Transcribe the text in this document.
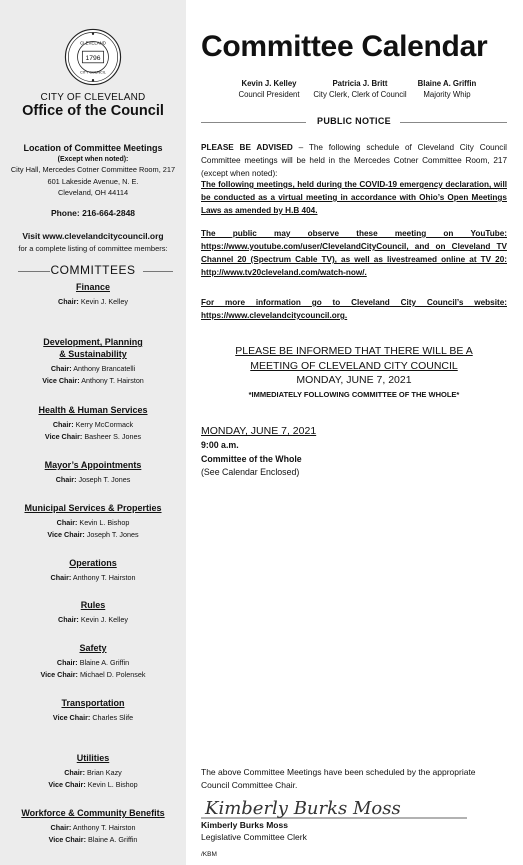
1796
CLEVELAND
CITY COUNCIL
CITY OF CLEVELAND
Office of the Council
Location of Committee Meetings
(Except when noted):
City Hall, Mercedes Cotner Committee Room, 217
601 Lakeside Avenue, N. E.
Cleveland, OH 44114
Phone: 216-664-2848
Visit www.clevelandcitycouncil.org
for a complete listing of committee members:
COMMITTEES
Finance
Chair: Kevin J. Kelley
Development, Planning
& Sustainability
Chair: Anthony Brancatelli
Vice Chair: Anthony T. Hairston
Health & Human Services
Chair: Kerry McCormack
Vice Chair: Basheer S. Jones
Mayor’s Appointments
Chair: Joseph T. Jones
Municipal Services & Properties
Chair: Kevin L. Bishop
Vice Chair: Joseph T. Jones
Operations
Chair: Anthony T. Hairston
Rules
Chair: Kevin J. Kelley
Safety
Chair: Blaine A. Griffin
Vice Chair: Michael D. Polensek
Transportation
Vice Chair: Charles Slife
Utilities
Chair: Brian Kazy
Vice Chair: Kevin L. Bishop
Workforce & Community Benefits
Chair: Anthony T. Hairston
Vice Chair: Blaine A. Griffin
Committee Calendar
Kevin J. Kelley
Council President
Patricia J. Britt
City Clerk, Clerk of Council
Blaine A. Griffin
Majority Whip
PUBLIC NOTICE
PLEASE BE ADVISED – The following schedule of Cleveland City Council Committee meetings will be held in the Mercedes Cotner Committee Room, 217 (except when noted):
The following meetings, held during the COVID-19 emergency declaration, will be conducted as a virtual meeting in accordance with Ohio’s Open Meetings Laws as amended by H.B 404.
The public may observe these meeting on YouTube: https://www.youtube.com/user/ClevelandCityCouncil, and on Cleveland TV Channel 20 (Spectrum Cable TV), as well as livestreamed online at TV 20: http://www.tv20cleveland.com/watch-now/.
For more information go to Cleveland City Council’s website: https://www.clevelandcitycouncil.org.
PLEASE BE INFORMED THAT THERE WILL BE A
MEETING OF CLEVELAND CITY COUNCIL
MONDAY, JUNE 7, 2021
*IMMEDIATELY FOLLOWING COMMITTEE OF THE WHOLE*
MONDAY, JUNE 7, 2021
9:00 a.m.
Committee of the Whole
(See Calendar Enclosed)
The above Committee Meetings have been scheduled by the appropriate
Council Committee Chair.
Kimberly Burks Moss
Kimberly Burks Moss
Legislative Committee Clerk
/KBM
